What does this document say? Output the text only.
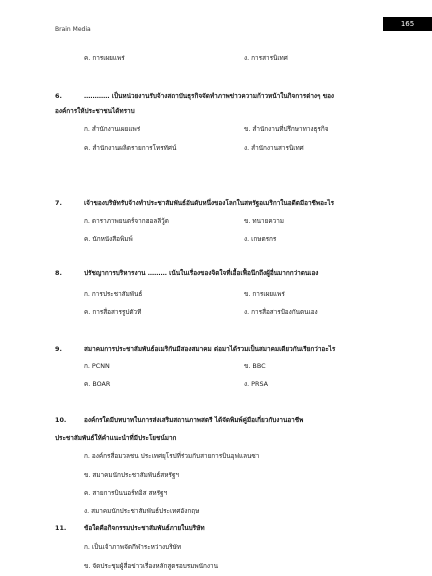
Brain Media
165
ค. การเผยแพร่	ง. การสารนิเทศ
6.	………… เป็นหน่วยงานรับจ้างสถาบันธุรกิจจัดทำภาพข่าวความก้าวหน้าในกิจการต่างๆ ของ
องค์การให้ประชาชนได้ทราบ
ก. สำนักงานเผยแพร่	ข. สำนักงานที่ปรึกษาทางธุรกิจ
ค. สำนักงานผลิตรายการโทรทัศน์	ง. สำนักงานสารนิเทศ
7.	เจ้าของบริษัทรับจ้างทำประชาสัมพันธ์อันดับหนึ่งของโลกในสหรัฐอเมริกาในอดีตมีอาชีพอะไร
ก. ดาราภาพยนตร์จากฮอลลีวู้ด	ข. ทนายความ
ค. นักหนังสือพิมพ์	ง. เกษตรกร
8.	ปรัชญาการบริหารงาน ……… เน้นในเรื่องของจิตใจที่เอื้อเฟื้อนึกถึงผู้อื่นมากกว่าตนเอง
ก. การประชาสัมพันธ์	ข. การเผยแพร่
ค. การสื่อสารรูปตัวที	ง. การสื่อสารป้องกันตนเอง
9.	สมาคมการประชาสัมพันธ์อเมริกันมีสองสมาคม ต่อมาได้รวมเป็นสมาคมเดียวกันเรียกว่าอะไร
ก. PCNN	ข. BBC
ค. BOAR	ง. PRSA
10.	องค์กรใดมีบทบาทในการส่งเสริมสถานภาพสตรี ได้จัดพิมพ์คู่มือเกี่ยวกับงานอาชีพ
ประชาสัมพันธ์ให้คำแนะนำที่มีประโยชน์มาก
ก. องค์กรสื่อมวลชน ประเทศยุโรปที่ร่วมกับสายการบินอุฟแลนซา
ข. สมาคมนักประชาสัมพันธ์สหรัฐฯ
ค. สายการบินนอร์ทอิส สหรัฐฯ
ง. สมาคมนักประชาสัมพันธ์ประเทศอังกฤษ
11.	ข้อใดคือกิจกรรมประชาสัมพันธ์ภายในบริษัท
ก. เป็นเจ้าภาพจัดกีฬาระหว่างบริษัท
ข. จัดประชุมผู้สื่อข่าวเรื่องหลักสูตรอบรมพนักงาน
